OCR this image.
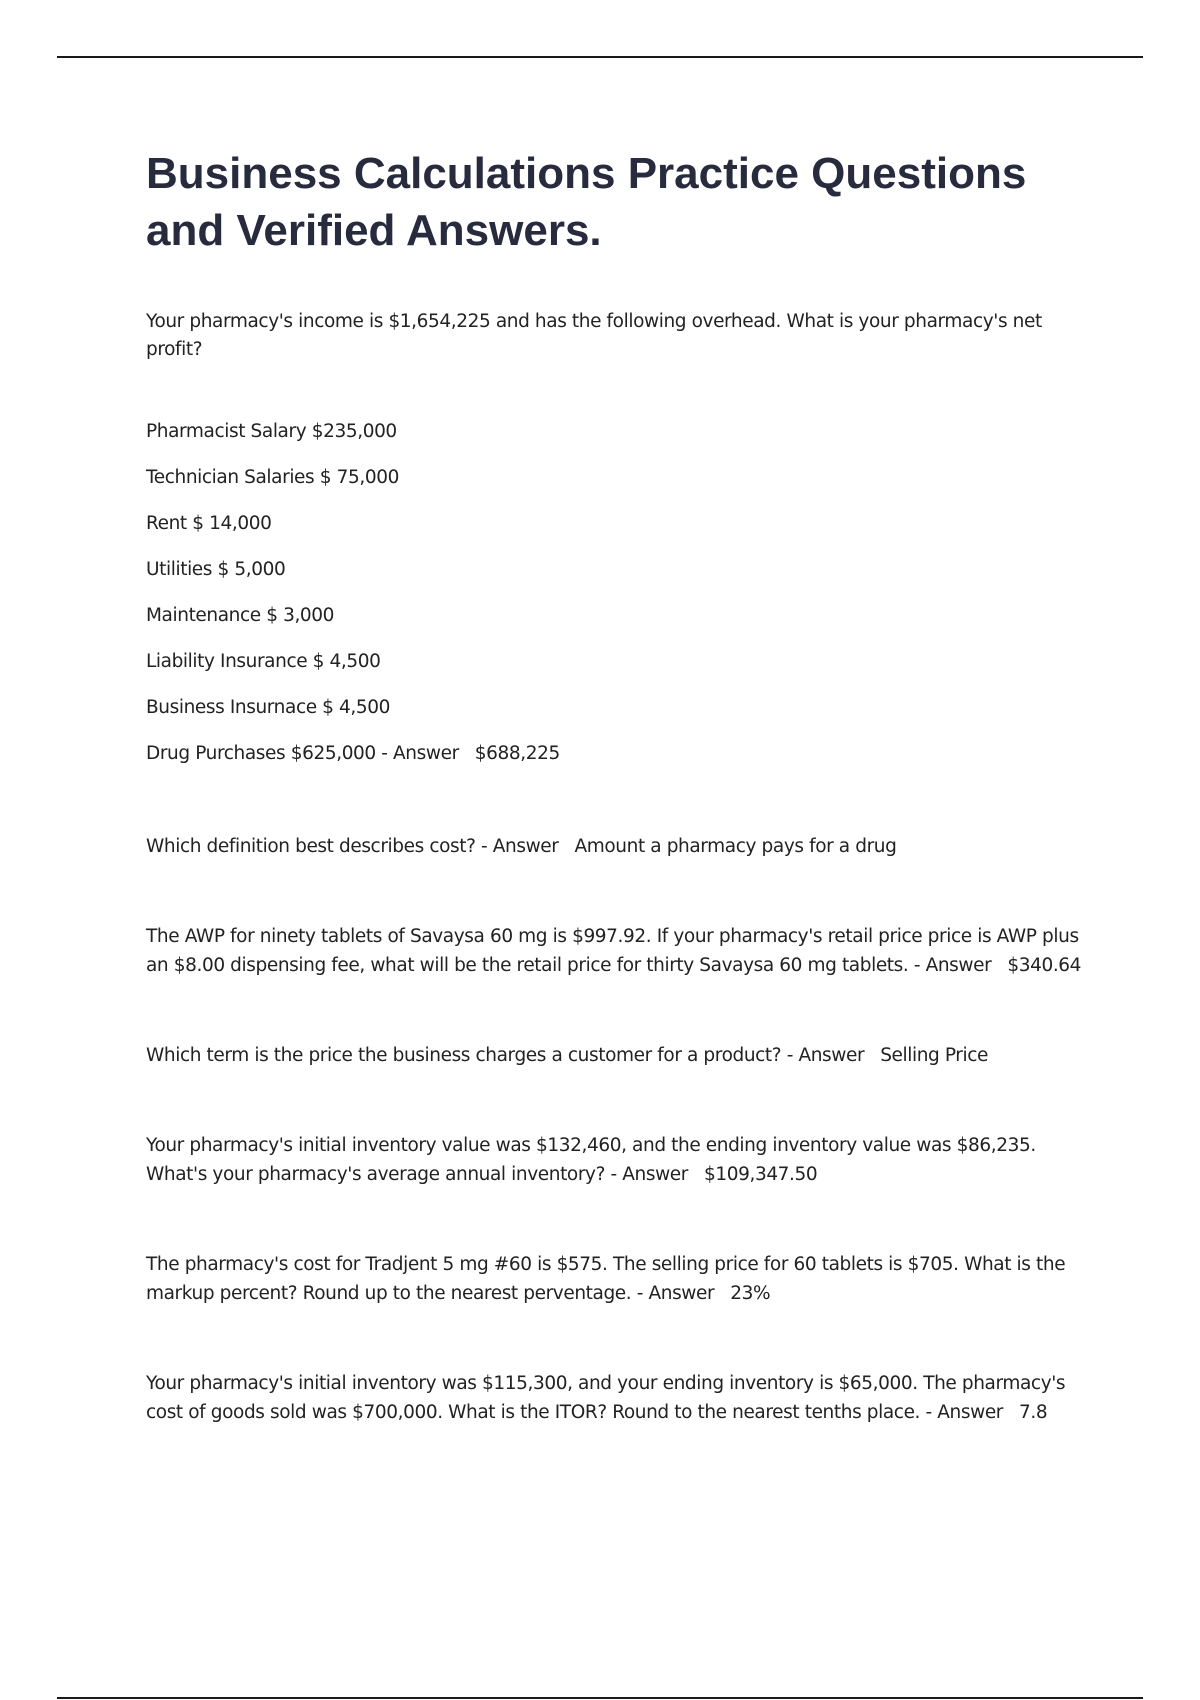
Business Calculations Practice Questions and Verified Answers.
Your pharmacy's income is $1,654,225 and has the following overhead. What is your pharmacy's net profit?
Pharmacist Salary $235,000
Technician Salaries $ 75,000
Rent $ 14,000
Utilities $ 5,000
Maintenance $ 3,000
Liability Insurance $ 4,500
Business Insurnace $ 4,500
Drug Purchases $625,000 - Answer $688,225
Which definition best describes cost? - Answer Amount a pharmacy pays for a drug
The AWP for ninety tablets of Savaysa 60 mg is $997.92. If your pharmacy's retail price price is AWP plus an $8.00 dispensing fee, what will be the retail price for thirty Savaysa 60 mg tablets. - Answer $340.64
Which term is the price the business charges a customer for a product? - Answer Selling Price
Your pharmacy's initial inventory value was $132,460, and the ending inventory value was $86,235. What's your pharmacy's average annual inventory? - Answer $109,347.50
The pharmacy's cost for Tradjent 5 mg #60 is $575. The selling price for 60 tablets is $705. What is the markup percent? Round up to the nearest perventage. - Answer 23%
Your pharmacy's initial inventory was $115,300, and your ending inventory is $65,000. The pharmacy's cost of goods sold was $700,000. What is the ITOR? Round to the nearest tenths place. - Answer 7.8
